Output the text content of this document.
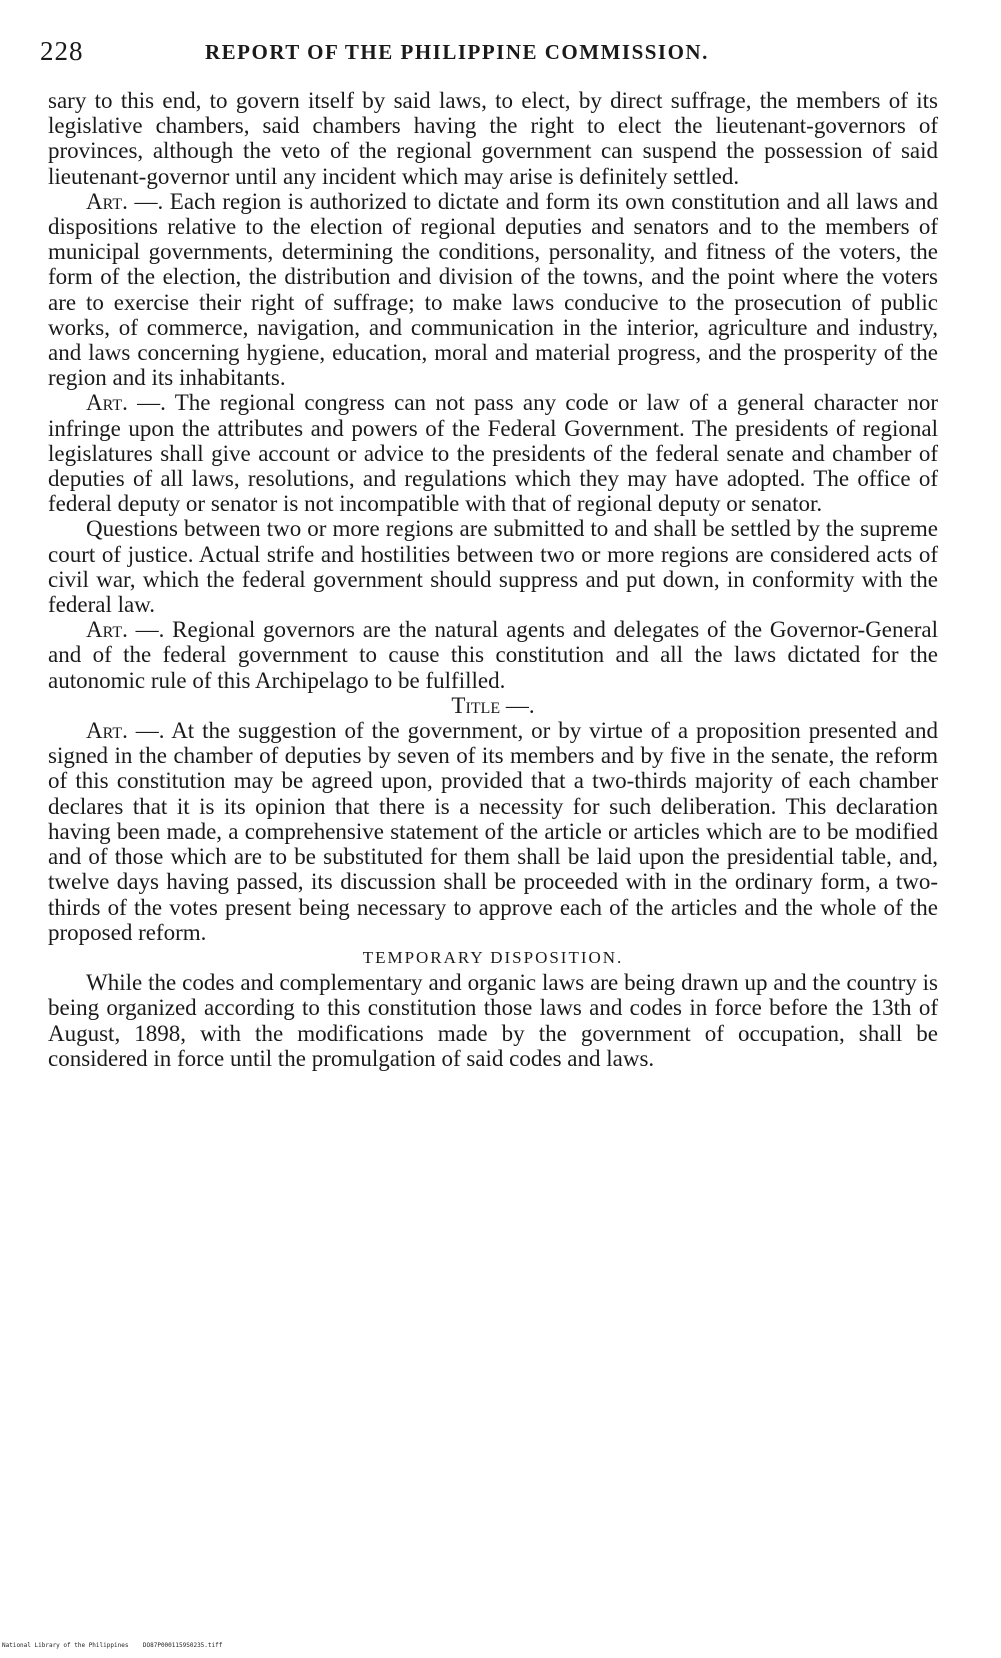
228	REPORT OF THE PHILIPPINE COMMISSION.

sary to this end, to govern itself by said laws, to elect, by direct suffrage, the members of its legislative chambers, said chambers having the right to elect the lieutenant-governors of provinces, although the veto of the regional government can suspend the possession of said lieutenant-governor until any incident which may arise is definitely settled.

Art. —. Each region is authorized to dictate and form its own constitution and all laws and dispositions relative to the election of regional deputies and senators and to the members of municipal governments, determining the conditions, personality, and fitness of the voters, the form of the election, the distribution and division of the towns, and the point where the voters are to exercise their right of suffrage; to make laws conducive to the prosecution of public works, of commerce, navigation, and communication in the interior, agriculture and industry, and laws concerning hygiene, education, moral and material progress, and the prosperity of the region and its inhabitants.

Art. —. The regional congress can not pass any code or law of a general character nor infringe upon the attributes and powers of the Federal Government. The presidents of regional legislatures shall give account or advice to the presidents of the federal senate and chamber of deputies of all laws, resolutions, and regulations which they may have adopted. The office of federal deputy or senator is not incompatible with that of regional deputy or senator.

Questions between two or more regions are submitted to and shall be settled by the supreme court of justice. Actual strife and hostilities between two or more regions are considered acts of civil war, which the federal government should suppress and put down, in conformity with the federal law.

Art. —. Regional governors are the natural agents and delegates of the Governor-General and of the federal government to cause this constitution and all the laws dictated for the autonomic rule of this Archipelago to be fulfilled.

Title —.

Art. —. At the suggestion of the government, or by virtue of a proposition presented and signed in the chamber of deputies by seven of its members and by five in the senate, the reform of this constitution may be agreed upon, provided that a two-thirds majority of each chamber declares that it is its opinion that there is a necessity for such deliberation. This declaration having been made, a comprehensive statement of the article or articles which are to be modified and of those which are to be substituted for them shall be laid upon the presidential table, and, twelve days having passed, its discussion shall be proceeded with in the ordinary form, a two-thirds of the votes present being necessary to approve each of the articles and the whole of the proposed reform.

TEMPORARY DISPOSITION.

While the codes and complementary and organic laws are being drawn up and the country is being organized according to this constitution those laws and codes in force before the 13th of August, 1898, with the modifications made by the government of occupation, shall be considered in force until the promulgation of said codes and laws.

National Library of the Philippines    DO87P0001159S0235.tiff
